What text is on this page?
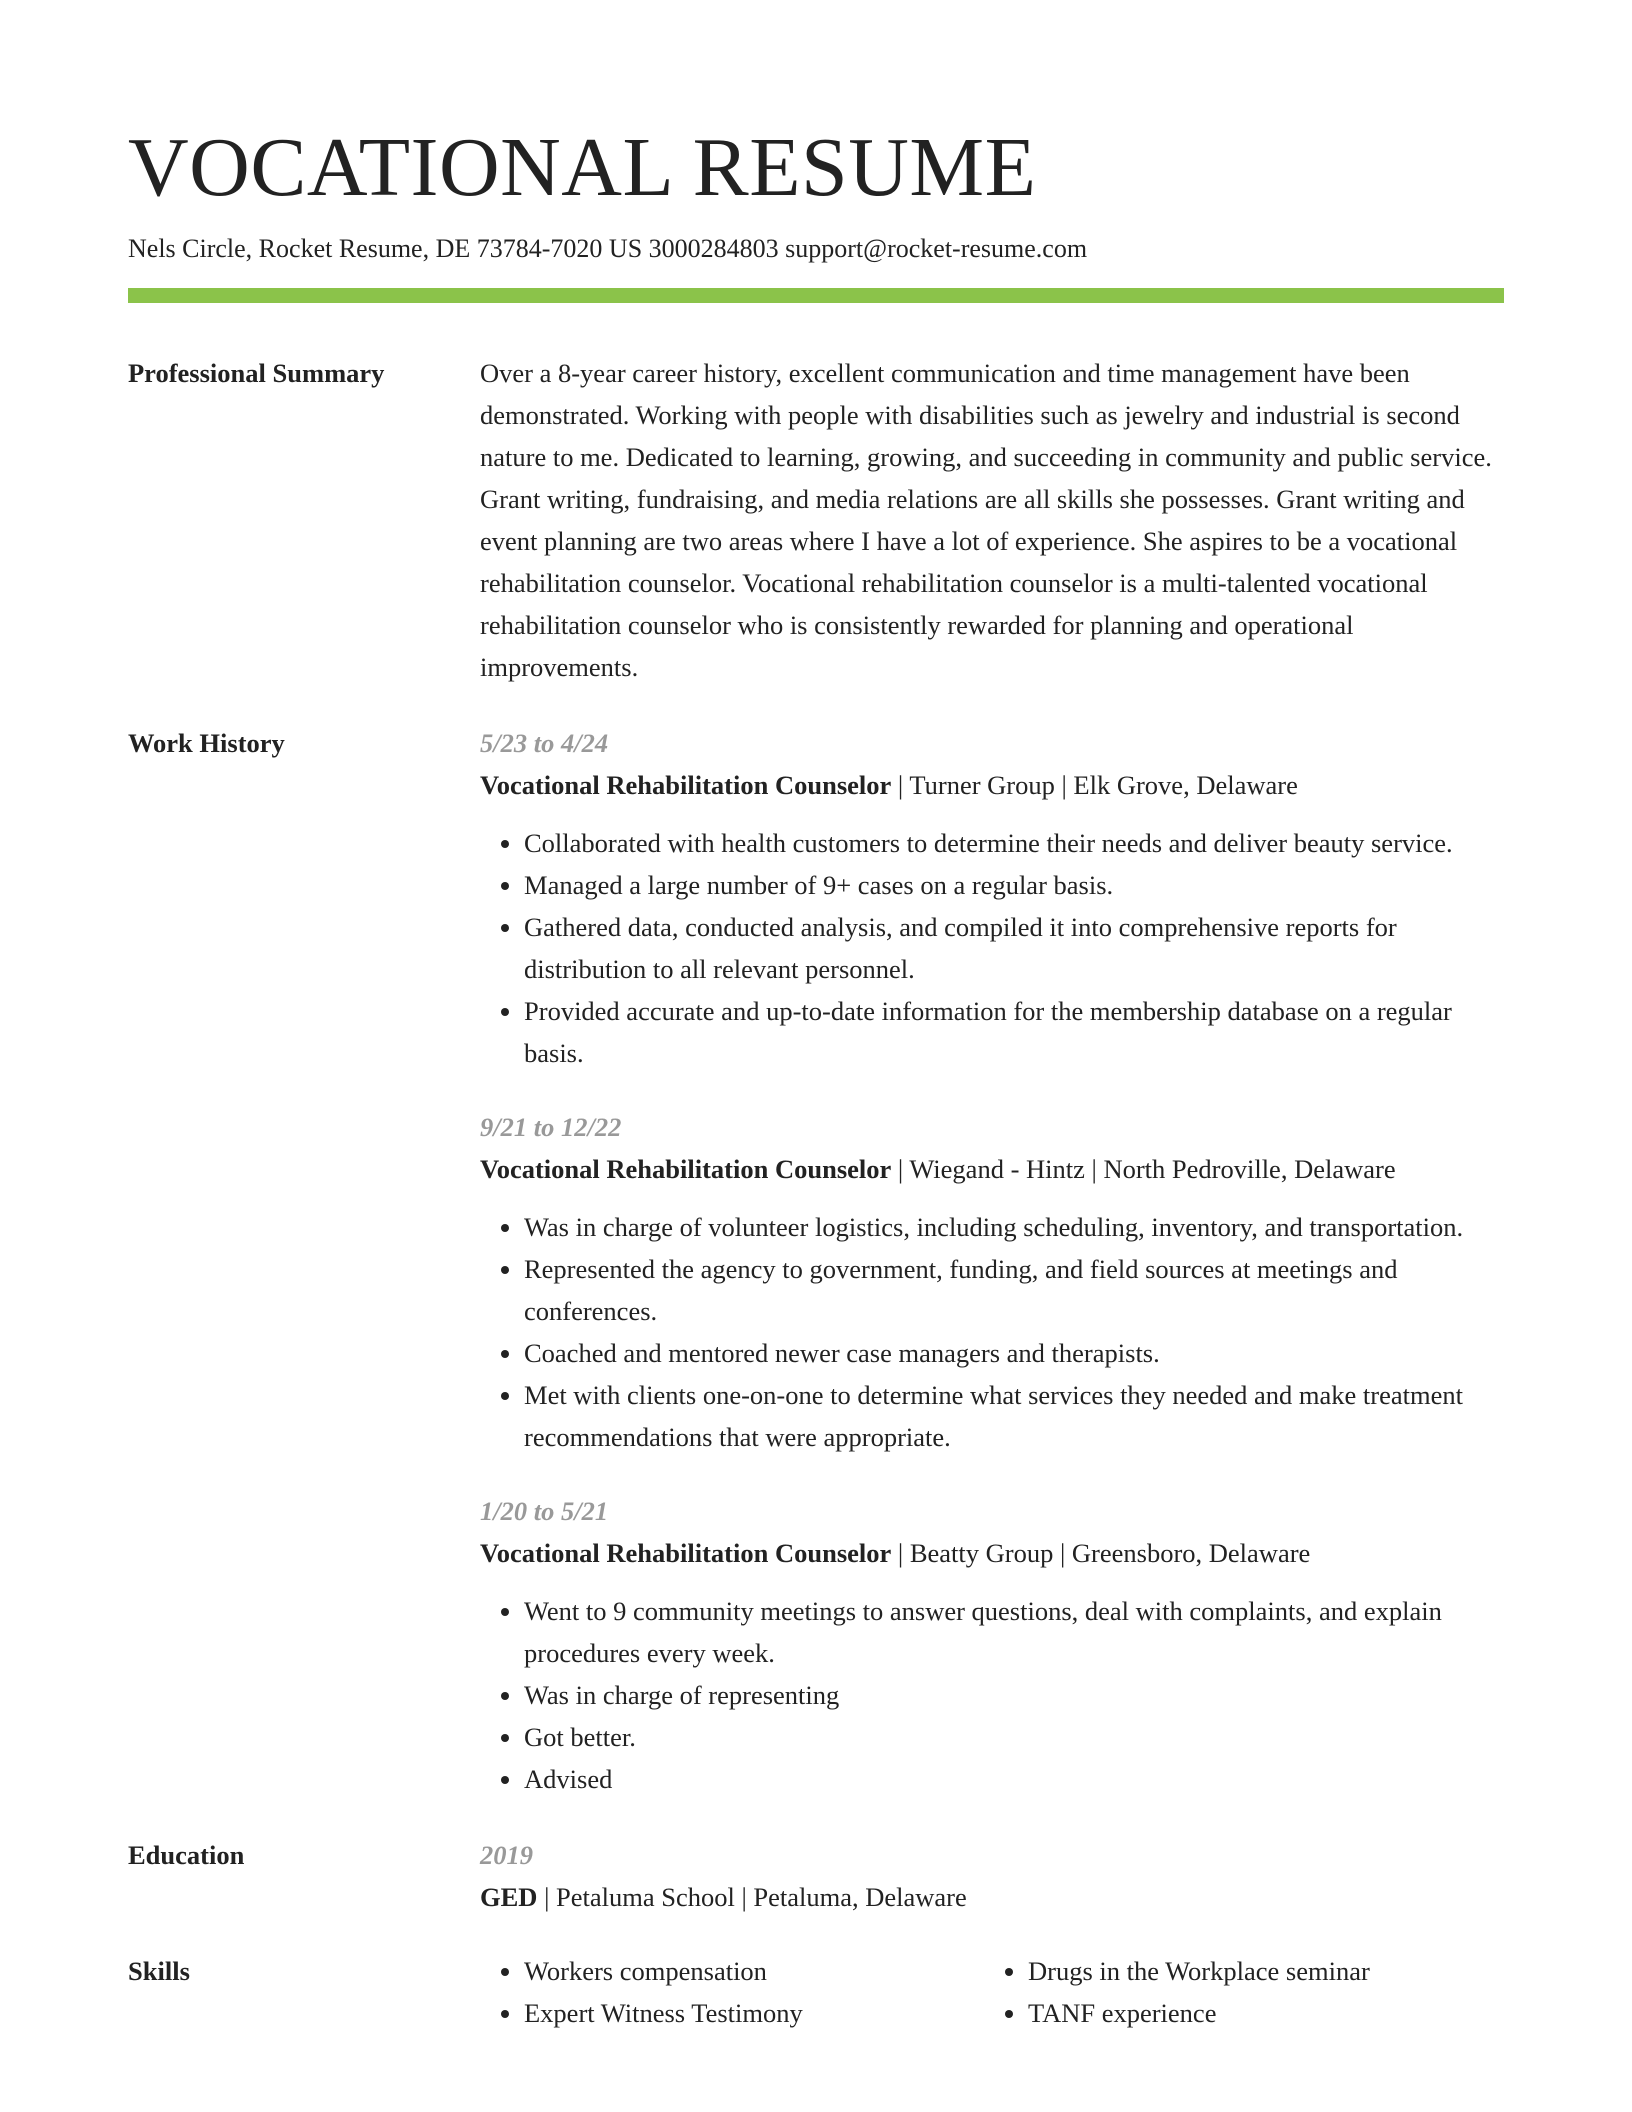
VOCATIONAL RESUME
Nels Circle, Rocket Resume, DE 73784-7020 US 3000284803 support@rocket-resume.com
Professional Summary	Over a 8-year career history, excellent communication and time management have been demonstrated. Working with people with disabilities such as jewelry and industrial is second nature to me. Dedicated to learning, growing, and succeeding in community and public service. Grant writing, fundraising, and media relations are all skills she possesses. Grant writing and event planning are two areas where I have a lot of experience. She aspires to be a vocational rehabilitation counselor. Vocational rehabilitation counselor is a multi-talented vocational rehabilitation counselor who is consistently rewarded for planning and operational improvements.
Work History	5/23 to 4/24
Vocational Rehabilitation Counselor | Turner Group | Elk Grove, Delaware
• Collaborated with health customers to determine their needs and deliver beauty service.
• Managed a large number of 9+ cases on a regular basis.
• Gathered data, conducted analysis, and compiled it into comprehensive reports for distribution to all relevant personnel.
• Provided accurate and up-to-date information for the membership database on a regular basis.
9/21 to 12/22
Vocational Rehabilitation Counselor | Wiegand - Hintz | North Pedroville, Delaware
• Was in charge of volunteer logistics, including scheduling, inventory, and transportation.
• Represented the agency to government, funding, and field sources at meetings and conferences.
• Coached and mentored newer case managers and therapists.
• Met with clients one-on-one to determine what services they needed and make treatment recommendations that were appropriate.
1/20 to 5/21
Vocational Rehabilitation Counselor | Beatty Group | Greensboro, Delaware
• Went to 9 community meetings to answer questions, deal with complaints, and explain procedures every week.
• Was in charge of representing
• Got better.
• Advised
Education	2019
GED | Petaluma School | Petaluma, Delaware
Skills
•	Workers compensation
• Expert Witness Testimony
• Drugs in the Workplace seminar
• TANF experience
